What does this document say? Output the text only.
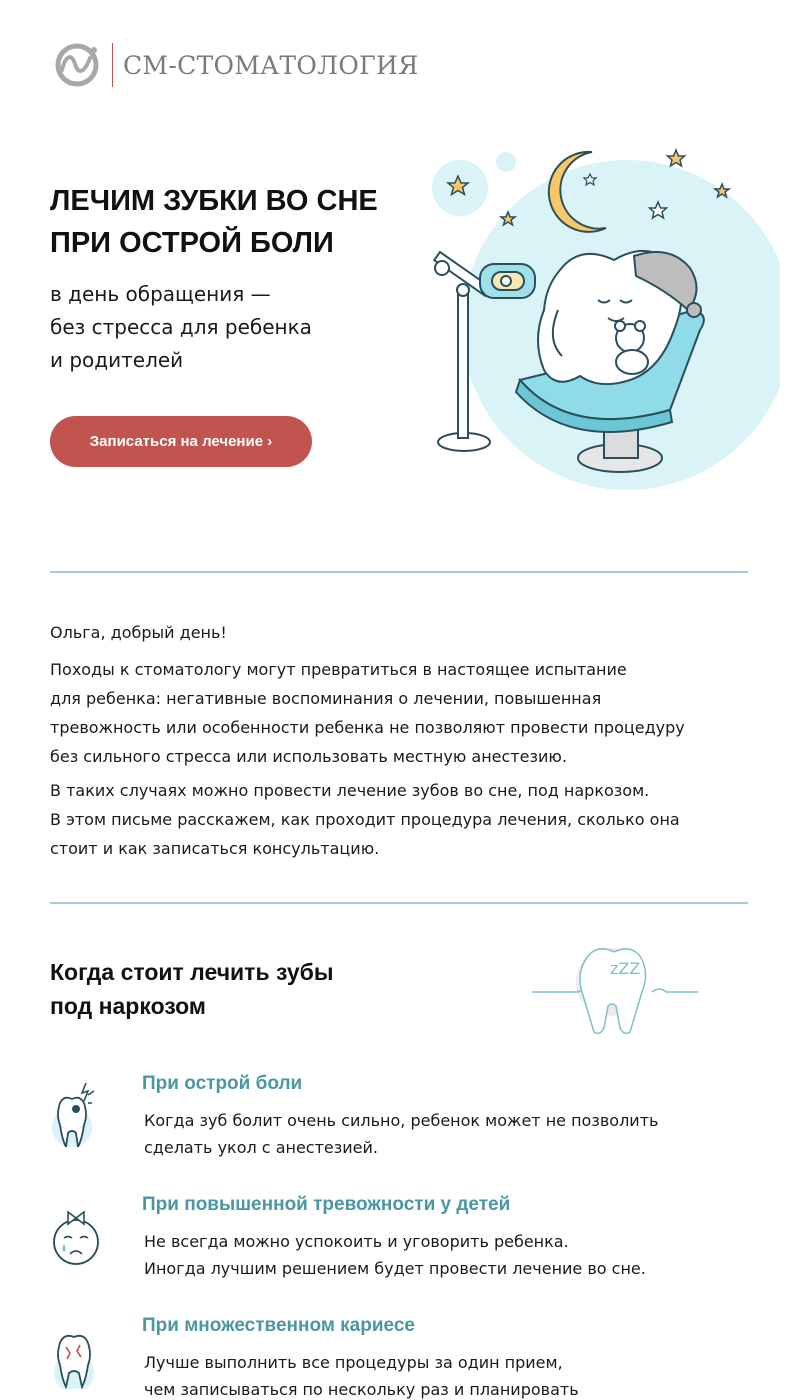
СМ-СТОМАТОЛОГИЯ
ЛЕЧИМ ЗУБКИ ВО СНЕ
ПРИ ОСТРОЙ БОЛИ

в день обращения —
без стресса для ребенка
и родителей

Записаться на лечение ›

Ольга, добрый день!

Походы к стоматологу могут превратиться в настоящее испытание
для ребенка: негативные воспоминания о лечении, повышенная
тревожность или особенности ребенка не позволяют провести процедуру
без сильного стресса или использовать местную анестезию.

В таких случаях можно провести лечение зубов во сне, под наркозом.
В этом письме расскажем, как проходит процедура лечения, сколько она
стоит и как записаться консультацию.

Когда стоит лечить зубы
под наркозом
zZZ
При острой боли

Когда зуб болит очень сильно, ребенок может не позволить
сделать укол с анестезией.

При повышенной тревожности у детей

Не всегда можно успокоить и уговорить ребенка.
Иногда лучшим решением будет провести лечение во сне.

При множественном кариесе

Лучше выполнить все процедуры за один прием,
чем записываться по нескольку раз и планировать
